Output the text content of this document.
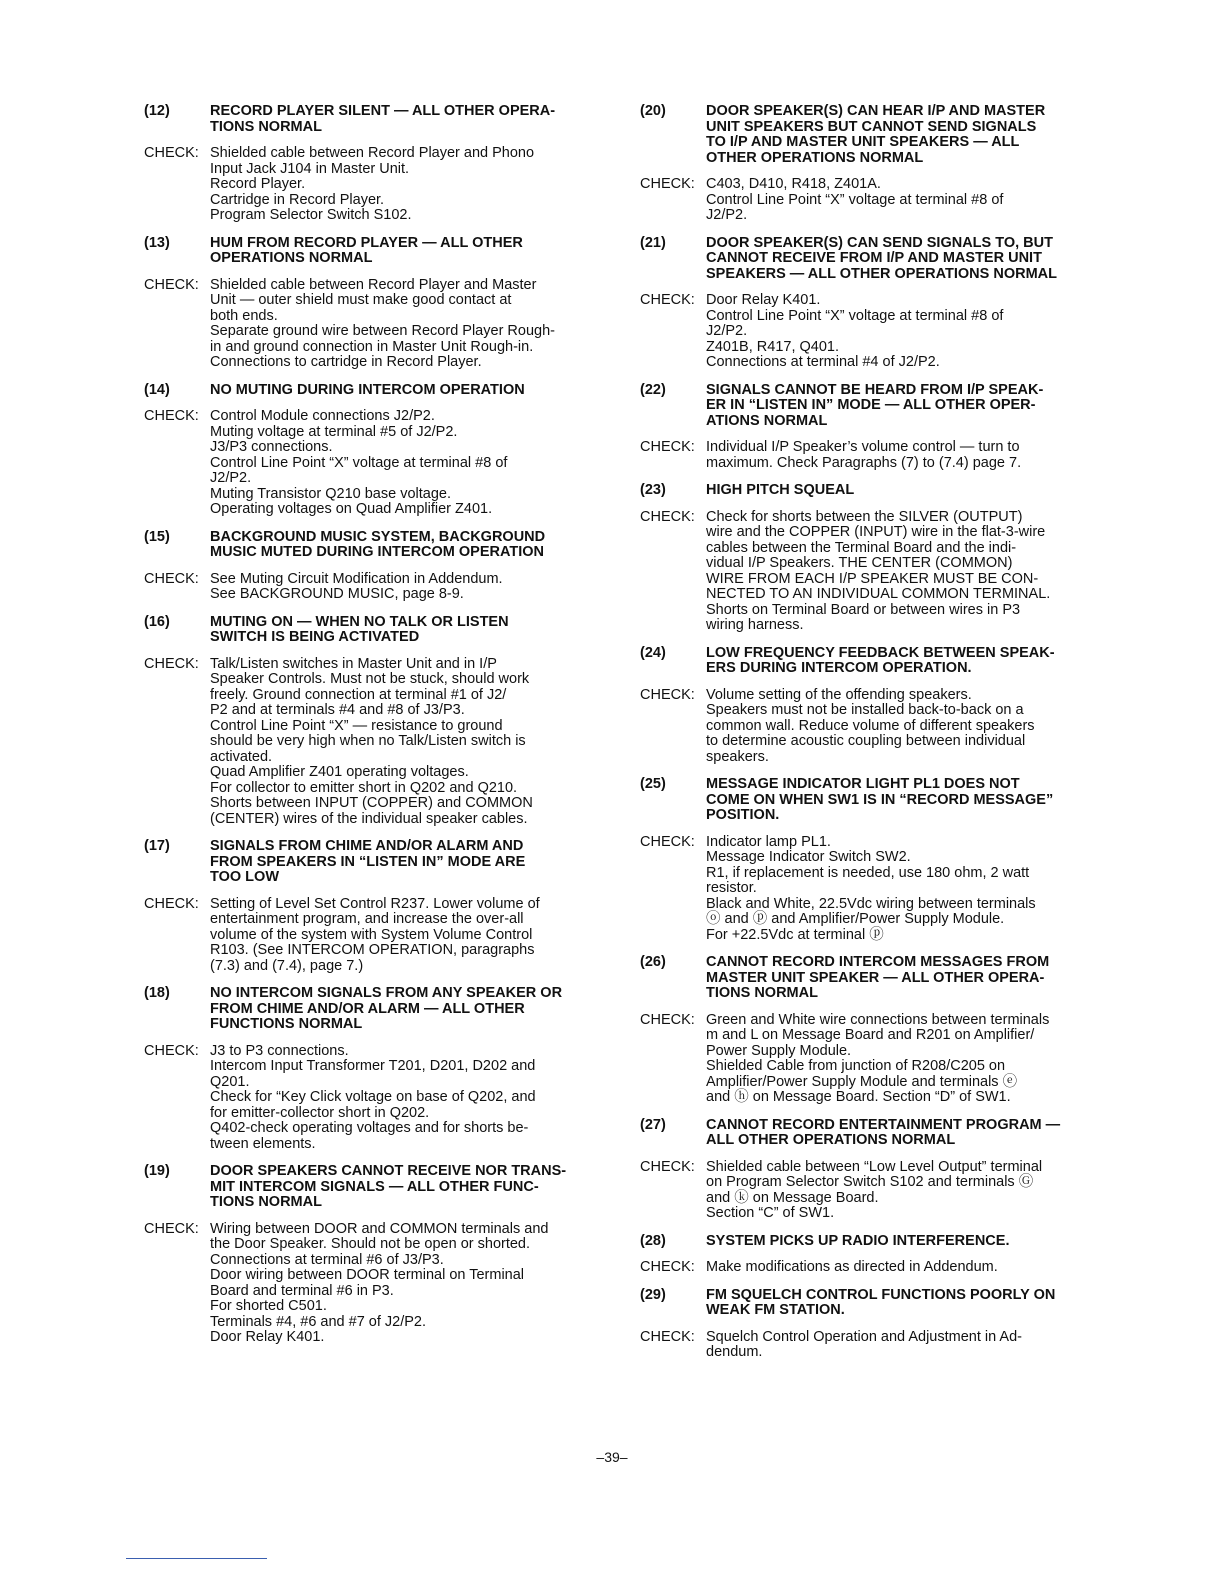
(12)	RECORD PLAYER SILENT — ALL OTHER OPERA-
TIONS NORMAL
CHECK: Shielded cable between Record Player and Phono
Input Jack J104 in Master Unit.
Record Player.
Cartridge in Record Player.
Program Selector Switch S102.
(13)	HUM FROM RECORD PLAYER — ALL OTHER
OPERATIONS NORMAL
CHECK: Shielded cable between Record Player and Master
Unit — outer shield must make good contact at
both ends.
Separate ground wire between Record Player Rough-
in and ground connection in Master Unit Rough-in.
Connections to cartridge in Record Player.
(14)	NO MUTING DURING INTERCOM OPERATION
CHECK: Control Module connections J2/P2.
Muting voltage at terminal #5 of J2/P2.
J3/P3 connections.
Control Line Point “X” voltage at terminal #8 of
J2/P2.
Muting Transistor Q210 base voltage.
Operating voltages on Quad Amplifier Z401.
(15)	BACKGROUND MUSIC SYSTEM, BACKGROUND
MUSIC MUTED DURING INTERCOM OPERATION
CHECK: See Muting Circuit Modification in Addendum.
See BACKGROUND MUSIC, page 8-9.
(16)	MUTING ON — WHEN NO TALK OR LISTEN
SWITCH IS BEING ACTIVATED
CHECK: Talk/Listen switches in Master Unit and in I/P
Speaker Controls. Must not be stuck, should work
freely. Ground connection at terminal #1 of J2/
P2 and at terminals #4 and #8 of J3/P3.
Control Line Point “X” — resistance to ground
should be very high when no Talk/Listen switch is
activated.
Quad Amplifier Z401 operating voltages.
For collector to emitter short in Q202 and Q210.
Shorts between INPUT (COPPER) and COMMON
(CENTER) wires of the individual speaker cables.
(17)	SIGNALS FROM CHIME AND/OR ALARM AND
FROM SPEAKERS IN “LISTEN IN” MODE ARE
TOO LOW
CHECK: Setting of Level Set Control R237. Lower volume of
entertainment program, and increase the over-all
volume of the system with System Volume Control
R103. (See INTERCOM OPERATION, paragraphs
(7.3) and (7.4), page 7.)
(18)	NO INTERCOM SIGNALS FROM ANY SPEAKER OR
FROM CHIME AND/OR ALARM — ALL OTHER
FUNCTIONS NORMAL
CHECK: J3 to P3 connections.
Intercom Input Transformer T201, D201, D202 and
Q201.
Check for “Key Click voltage on base of Q202, and
for emitter-collector short in Q202.
Q402-check operating voltages and for shorts be-
tween elements.
(19)	DOOR SPEAKERS CANNOT RECEIVE NOR TRANS-
MIT INTERCOM SIGNALS — ALL OTHER FUNC-
TIONS NORMAL
CHECK: Wiring between DOOR and COMMON terminals and
the Door Speaker. Should not be open or shorted.
Connections at terminal #6 of J3/P3.
Door wiring between DOOR terminal on Terminal
Board and terminal #6 in P3.
For shorted C501.
Terminals #4, #6 and #7 of J2/P2.
Door Relay K401.
(20)	DOOR SPEAKER(S) CAN HEAR I/P AND MASTER
UNIT SPEAKERS BUT CANNOT SEND SIGNALS
TO I/P AND MASTER UNIT SPEAKERS — ALL
OTHER OPERATIONS NORMAL
CHECK: C403, D410, R418, Z401A.
Control Line Point “X” voltage at terminal #8 of
J2/P2.
(21)	DOOR SPEAKER(S) CAN SEND SIGNALS TO, BUT
CANNOT RECEIVE FROM I/P AND MASTER UNIT
SPEAKERS — ALL OTHER OPERATIONS NORMAL
CHECK: Door Relay K401.
Control Line Point “X” voltage at terminal #8 of
J2/P2.
Z401B, R417, Q401.
Connections at terminal #4 of J2/P2.
(22)	SIGNALS CANNOT BE HEARD FROM I/P SPEAK-
ER IN “LISTEN IN” MODE — ALL OTHER OPER-
ATIONS NORMAL
CHECK: Individual I/P Speaker’s volume control — turn to
maximum. Check Paragraphs (7) to (7.4) page 7.
(23)	HIGH PITCH SQUEAL
CHECK: Check for shorts between the SILVER (OUTPUT)
wire and the COPPER (INPUT) wire in the flat-3-wire
cables between the Terminal Board and the indi-
vidual I/P Speakers. THE CENTER (COMMON)
WIRE FROM EACH I/P SPEAKER MUST BE CON-
NECTED TO AN INDIVIDUAL COMMON TERMINAL.
Shorts on Terminal Board or between wires in P3
wiring harness.
(24)	LOW FREQUENCY FEEDBACK BETWEEN SPEAK-
ERS DURING INTERCOM OPERATION.
CHECK: Volume setting of the offending speakers.
Speakers must not be installed back-to-back on a
common wall. Reduce volume of different speakers
to determine acoustic coupling between individual
speakers.
(25)	MESSAGE INDICATOR LIGHT PL1 DOES NOT
COME ON WHEN SW1 IS IN “RECORD MESSAGE”
POSITION.
CHECK: Indicator lamp PL1.
Message Indicator Switch SW2.
R1, if replacement is needed, use 180 ohm, 2 watt
resistor.
Black and White, 22.5Vdc wiring between terminals
ⓞ and ⓟ and Amplifier/Power Supply Module.
For +22.5Vdc at terminal ⓟ
(26)	CANNOT RECORD INTERCOM MESSAGES FROM
MASTER UNIT SPEAKER — ALL OTHER OPERA-
TIONS NORMAL
CHECK: Green and White wire connections between terminals
m and L on Message Board and R201 on Amplifier/
Power Supply Module.
Shielded Cable from junction of R208/C205 on
Amplifier/Power Supply Module and terminals ⓔ
and ⓗ on Message Board. Section “D” of SW1.
(27)	CANNOT RECORD ENTERTAINMENT PROGRAM —
ALL OTHER OPERATIONS NORMAL
CHECK: Shielded cable between “Low Level Output” terminal
on Program Selector Switch S102 and terminals Ⓖ
and ⓚ on Message Board.
Section “C” of SW1.
(28)	SYSTEM PICKS UP RADIO INTERFERENCE.
CHECK: Make modifications as directed in Addendum.
(29)	FM SQUELCH CONTROL FUNCTIONS POORLY ON
WEAK FM STATION.
CHECK: Squelch Control Operation and Adjustment in Ad-
dendum.
–39–
